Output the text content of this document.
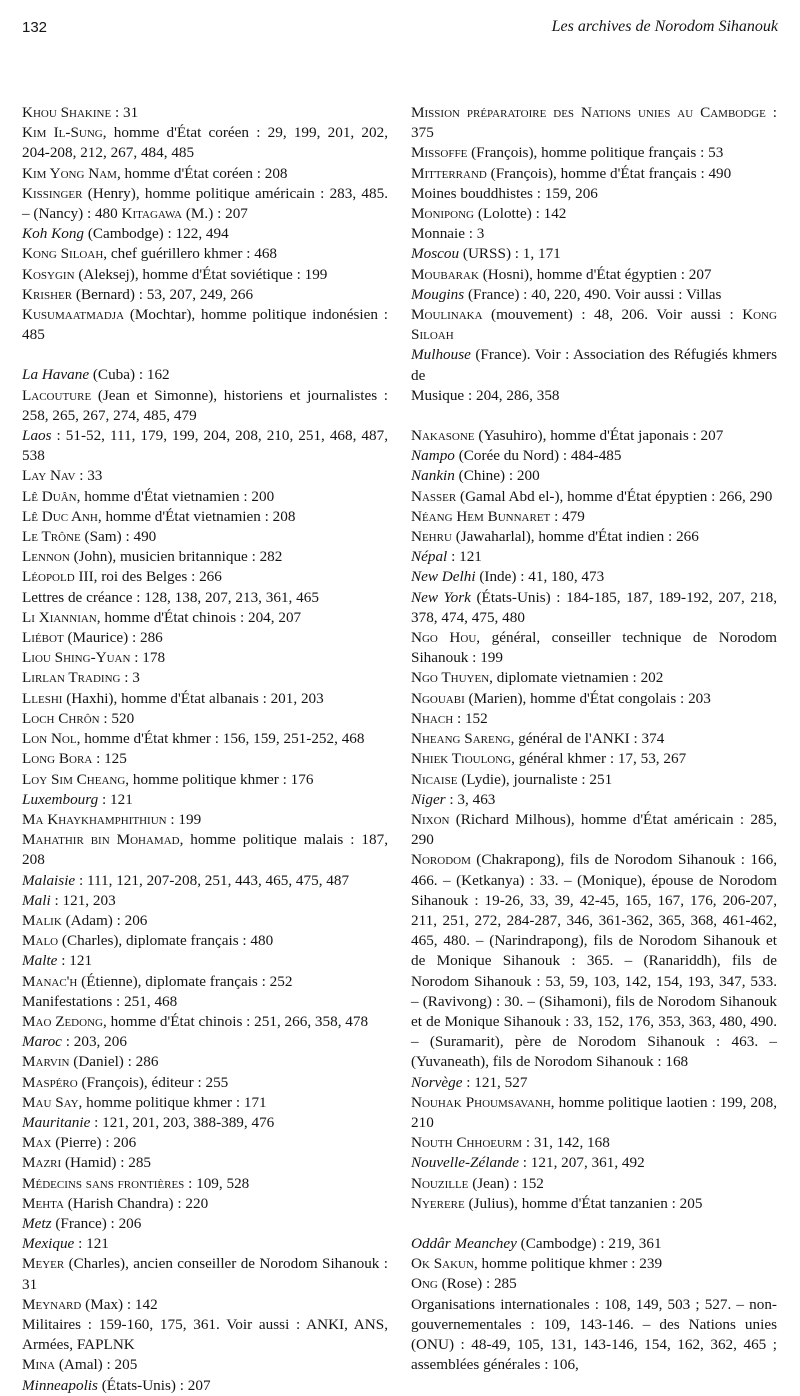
132	Les archives de Norodom Sihanouk
Khou Shakine : 31
Kim Il-Sung, homme d'État coréen : 29, 199, 201, 202, 204-208, 212, 267, 484, 485
Kim Yong Nam, homme d'État coréen : 208
Kissinger (Henry), homme politique américain : 283, 485. – (Nancy) : 480 Kitagawa (M.) : 207
Koh Kong (Cambodge) : 122, 494
Kong Siloah, chef guérillero khmer : 468
Kosygin (Aleksej), homme d'État soviétique : 199
Krisher (Bernard) : 53, 207, 249, 266
Kusumaatmadja (Mochtar), homme politique indonésien : 485
La Havane (Cuba) : 162
Lacouture (Jean et Simonne), historiens et journalistes : 258, 265, 267, 274, 485, 479
Laos : 51-52, 111, 179, 199, 204, 208, 210, 251, 468, 487, 538
Lay Nav : 33
Lê Duân, homme d'État vietnamien : 200
Lê Duc Anh, homme d'État vietnamien : 208
Le Trône (Sam) : 490
Lennon (John), musicien britannique : 282
Léopold III, roi des Belges : 266
Lettres de créance : 128, 138, 207, 213, 361, 465
Li Xiannian, homme d'État chinois : 204, 207
Liébot (Maurice) : 286
Liou Shing-Yuan : 178
Lirlan Trading : 3
Lleshi (Haxhi), homme d'État albanais : 201, 203
Loch Chrôn : 520
Lon Nol, homme d'État khmer : 156, 159, 251-252, 468
Long Bora : 125
Loy Sim Cheang, homme politique khmer : 176
Luxembourg : 121
Ma Khaykhamphithiun : 199
Mahathir bin Mohamad, homme politique malais : 187, 208
Malaisie : 111, 121, 207-208, 251, 443, 465, 475, 487
Mali : 121, 203
Malik (Adam) : 206
Malo (Charles), diplomate français : 480
Malte : 121
Manac'h (Étienne), diplomate français : 252
Manifestations : 251, 468
Mao Zedong, homme d'État chinois : 251, 266, 358, 478
Maroc : 203, 206
Marvin (Daniel) : 286
Maspéro (François), éditeur : 255
Mau Say, homme politique khmer : 171
Mauritanie : 121, 201, 203, 388-389, 476
Max (Pierre) : 206
Mazri (Hamid) : 285
Médecins sans frontières : 109, 528
Mehta (Harish Chandra) : 220
Metz (France) : 206
Mexique : 121
Meyer (Charles), ancien conseiller de Norodom Sihanouk : 31
Meynard (Max) : 142
Militaires : 159-160, 175, 361. Voir aussi : ANKI, ANS, Armées, FAPLNK
Mina (Amal) : 205
Minneapolis (États-Unis) : 207
Mission préparatoire des Nations unies au Cambodge : 375
Missoffe (François), homme politique français : 53
Mitterrand (François), homme d'État français : 490
Moines bouddhistes : 159, 206
Monipong (Lolotte) : 142
Monnaie : 3
Moscou (URSS) : 1, 171
Moubarak (Hosni), homme d'État égyptien : 207
Mougins (France) : 40, 220, 490. Voir aussi : Villas
Moulinaka (mouvement) : 48, 206. Voir aussi : Kong Siloah
Mulhouse (France). Voir : Association des Réfugiés khmers de
Musique : 204, 286, 358
Nakasone (Yasuhiro), homme d'État japonais : 207
Nampo (Corée du Nord) : 484-485
Nankin (Chine) : 200
Nasser (Gamal Abd el-), homme d'État épyptien : 266, 290
Néang Hem Bunnaret : 479
Nehru (Jawaharlal), homme d'État indien : 266
Népal : 121
New Delhi (Inde) : 41, 180, 473
New York (États-Unis) : 184-185, 187, 189-192, 207, 218, 378, 474, 475, 480
Ngo Hou, général, conseiller technique de Norodom Sihanouk : 199
Ngo Thuyen, diplomate vietnamien : 202
Ngouabi (Marien), homme d'État congolais : 203
Nhach : 152
Nheang Sareng, général de l'ANKI : 374
Nhiek Tioulong, général khmer : 17, 53, 267
Nicaise (Lydie), journaliste : 251
Niger : 3, 463
Nixon (Richard Milhous), homme d'État américain : 285, 290
Norodom (Chakrapong), fils de Norodom Sihanouk : 166, 466. – (Ketkanya) : 33. – (Monique), épouse de Norodom Sihanouk : 19-26, 33, 39, 42-45, 165, 167, 176, 206-207, 211, 251, 272, 284-287, 346, 361-362, 365, 368, 461-462, 465, 480. – (Narindrapong), fils de Norodom Sihanouk et de Monique Sihanouk : 365. – (Ranariddh), fils de Norodom Sihanouk : 53, 59, 103, 142, 154, 193, 347, 533. – (Ravivong) : 30. – (Sihamoni), fils de Norodom Sihanouk et de Monique Sihanouk : 33, 152, 176, 353, 363, 480, 490. – (Suramarit), père de Norodom Sihanouk : 463. – (Yuvaneath), fils de Norodom Sihanouk : 168
Norvège : 121, 527
Nouhak Phoumsavanh, homme politique laotien : 199, 208, 210
Nouth Chhoeurm : 31, 142, 168
Nouvelle-Zélande : 121, 207, 361, 492
Nouzille (Jean) : 152
Nyerere (Julius), homme d'État tanzanien : 205
Oddâr Meanchey (Cambodge) : 219, 361
Ok Sakun, homme politique khmer : 239
Ong (Rose) : 285
Organisations internationales : 108, 149, 503 ; 527. – non-gouvernementales : 109, 143-146. – des Nations unies (ONU) : 48-49, 105, 131, 143-146, 154, 162, 362, 465 ; assemblées générales : 106,
